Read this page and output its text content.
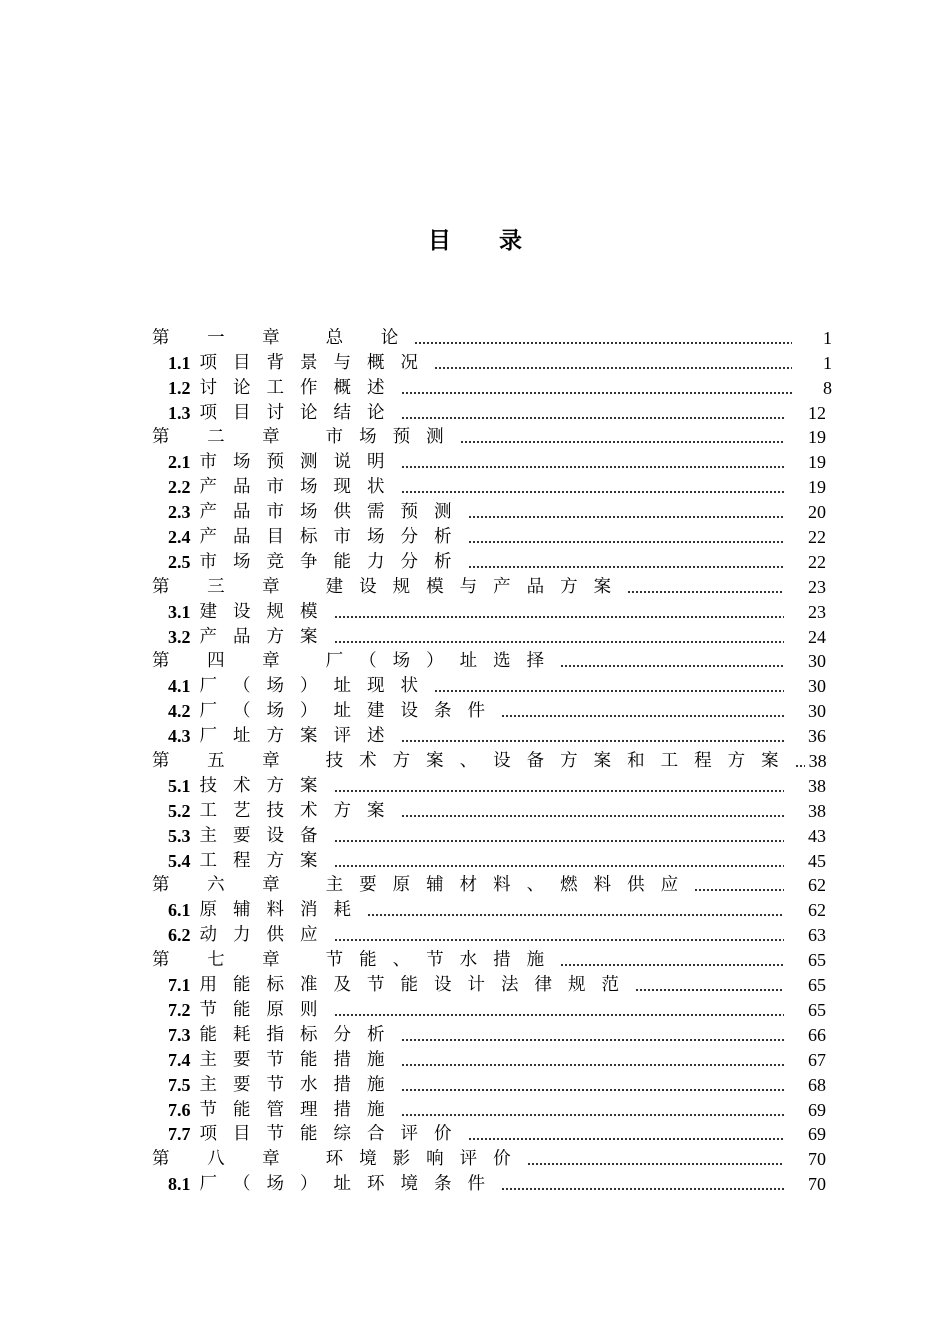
目 录
第 一 章 总 论	1
1.1 项目背景与概况	1
1.2 讨论工作概述	8
1.3 项目讨论结论	12
第 二 章 市场预测	19
2.1 市场预测说明	19
2.2 产品市场现状	19
2.3 产品市场供需预测	20
2.4 产品目标市场分析	22
2.5 市场竞争能力分析	22
第 三 章 建设规模与产品方案	23
3.1 建设规模	23
3.2 产品方案	24
第 四 章 厂（场）址选择	30
4.1 厂（场）址现状	30
4.2 厂（场）址建设条件	30
4.3 厂址方案评述	36
第 五 章 技术方案、设备方案和工程方案 38
5.1 技术方案	38
5.2 工艺技术方案	38
5.3 主要设备	43
5.4 工程方案	45
第 六 章 主要原辅材料、燃料供应	62
6.1 原辅料消耗	62
6.2 动力供应	63
第 七 章 节能、节水措施	65
7.1 用能标准及节能设计法律规范	65
7.2 节能原则	65
7.3 能耗指标分析	66
7.4 主要节能措施	67
7.5 主要节水措施	68
7.6 节能管理措施	69
7.7 项目节能综合评价	69
第 八 章 环境影响评价	70
8.1 厂（场）址环境条件	70
